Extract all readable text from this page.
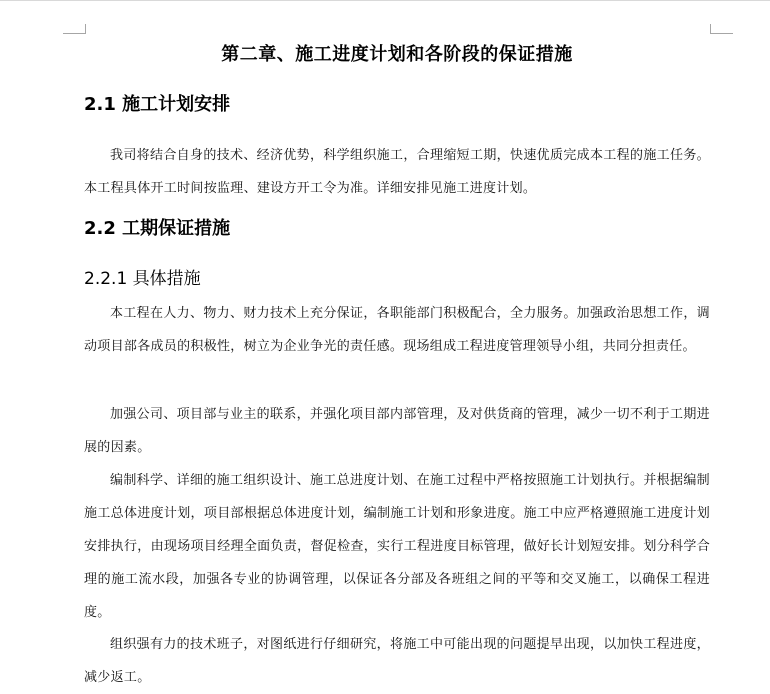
第二章、施工进度计划和各阶段的保证措施
2.1 施工计划安排

我司将结合自身的技术、经济优势，科学组织施工，合理缩短工期，快速优质完成本工程的施工任务。本工程具体开工时间按监理、建设方开工令为准。详细安排见施工进度计划。

2.2 工期保证措施
2.2.1 具体措施

本工程在人力、物力、财力技术上充分保证，各职能部门积极配合，全力服务。加强政治思想工作，调动项目部各成员的积极性，树立为企业争光的责任感。现场组成工程进度管理领导小组，共同分担责任。

加强公司、项目部与业主的联系，并强化项目部内部管理，及对供货商的管理，减少一切不利于工期进展的因素。

编制科学、详细的施工组织设计、施工总进度计划、在施工过程中严格按照施工计划执行。并根据编制施工总体进度计划，项目部根据总体进度计划，编制施工计划和形象进度。施工中应严格遵照施工进度计划安排执行，由现场项目经理全面负责，督促检查，实行工程进度目标管理，做好长计划短安排。划分科学合理的施工流水段，加强各专业的协调管理，以保证各分部及各班组之间的平等和交叉施工，以确保工程进度。

组织强有力的技术班子，对图纸进行仔细研究，将施工中可能出现的问题提早出现，以加快工程进度，减少返工。
